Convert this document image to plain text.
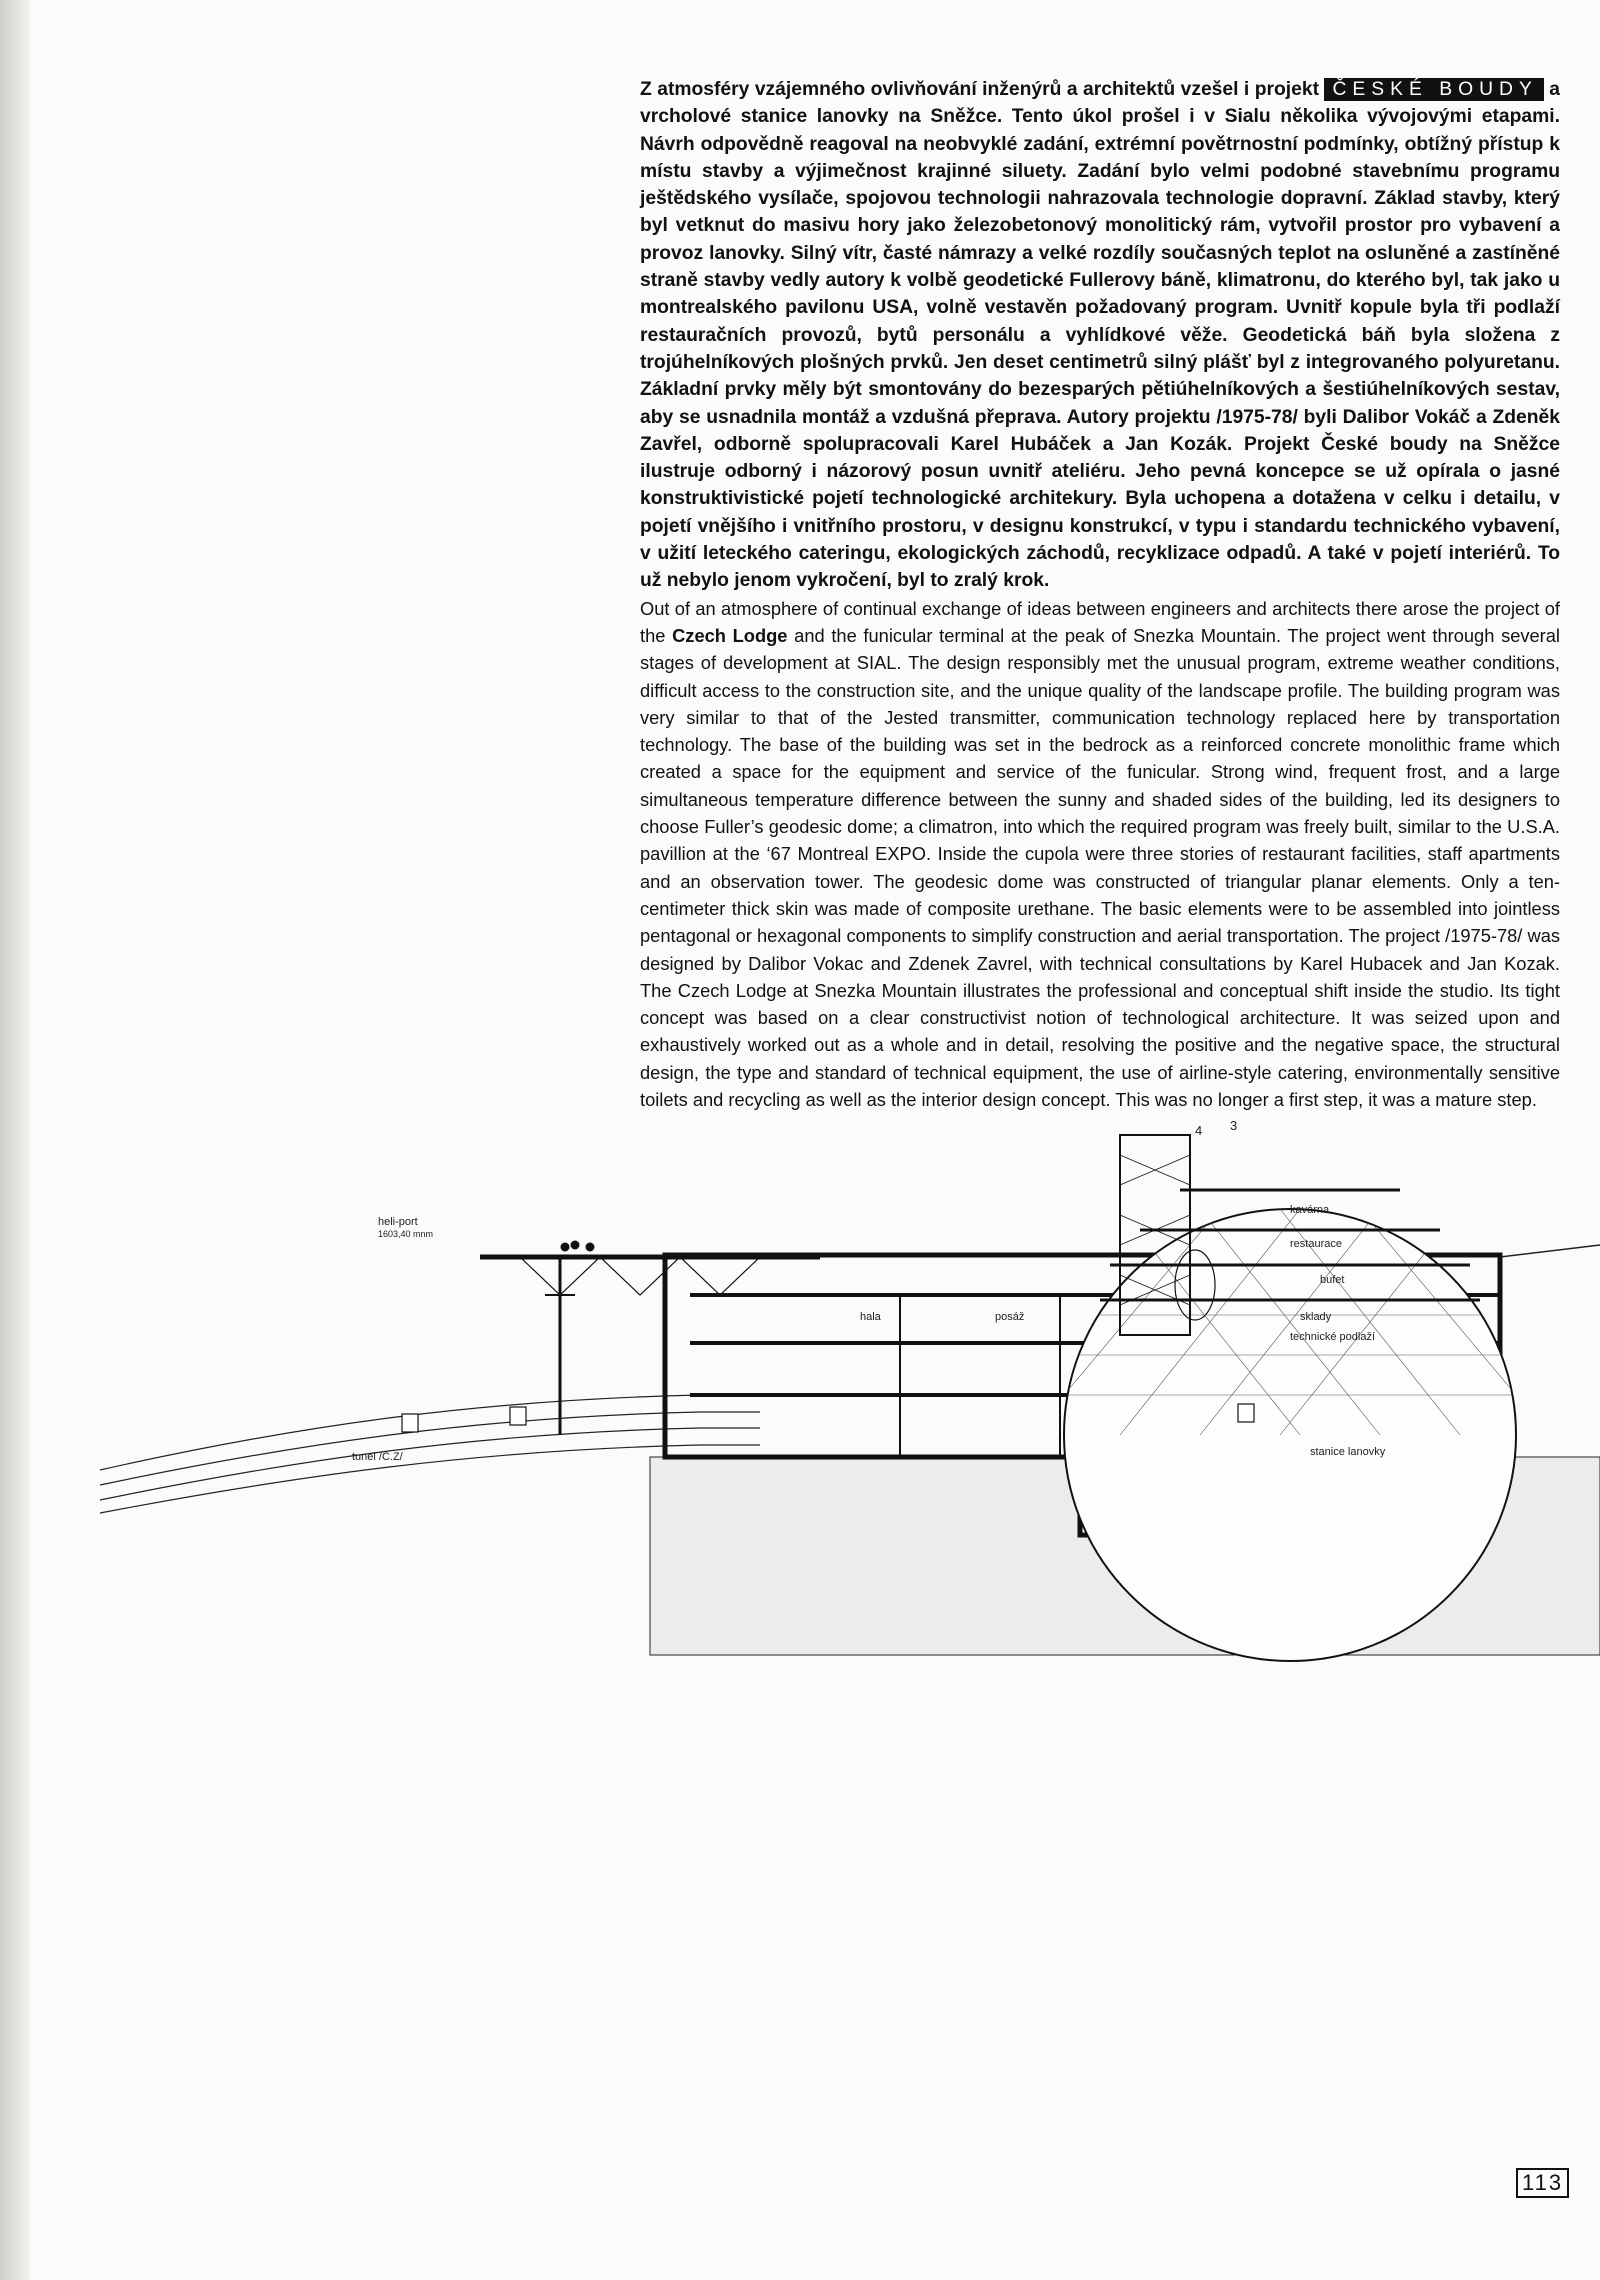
Z atmosféry vzájemného ovlivňování inženýrů a architektů vzešel i projekt ČESKÉ BOUDY a vrcholové stanice lanovky na Sněžce. Tento úkol prošel i v Sialu několika vývojovými etapami. Návrh odpovědně reagoval na neobvyklé zadání, extrémní povětrnostní podmínky, obtížný přístup k místu stavby a výjimečnost krajinné siluety. Zadání bylo velmi podobné stavebnímu programu ještědského vysílače, spojovou technologii nahrazovala technologie dopravní. Základ stavby, který byl vetknut do masivu hory jako železobetonový monolitický rám, vytvořil prostor pro vybavení a provoz lanovky. Silný vítr, časté námrazy a velké rozdíly současných teplot na osluněné a zastíněné straně stavby vedly autory k volbě geodetické Fullerovy báně, klimatronu, do kterého byl, tak jako u montrealského pavilonu USA, volně vestavěn požadovaný program. Uvnitř kopule byla tři podlaží restauračních provozů, bytů personálu a vyhlídkové věže. Geodetická báň byla složena z trojúhelníkových plošných prvků. Jen deset centimetrů silný plášť byl z integrovaného polyuretanu. Základní prvky měly být smontovány do bezesparých pětiúhelníkových a šestiúhelníkových sestav, aby se usnadnila montáž a vzdušná přeprava. Autory projektu /1975-78/ byli Dalibor Vokáč a Zdeněk Zavřel, odborně spolupracovali Karel Hubáček a Jan Kozák. Projekt České boudy na Sněžce ilustruje odborný i názorový posun uvnitř ateliéru. Jeho pevná koncepce se už opírala o jasné konstruktivistické pojetí technologické architekury. Byla uchopena a dotažena v celku i detailu, v pojetí vnějšího i vnitřního prostoru, v designu konstrukcí, v typu i standardu technického vybavení, v užití leteckého cateringu, ekologických záchodů, recyklizace odpadů. A také v pojetí interiérů. To už nebylo jenom vykročení, byl to zralý krok.

Out of an atmosphere of continual exchange of ideas between engineers and architects there arose the project of the Czech Lodge and the funicular terminal at the peak of Snezka Mountain. The project went through several stages of development at SIAL. The design responsibly met the unusual program, extreme weather conditions, difficult access to the construction site, and the unique quality of the landscape profile. The building program was very similar to that of the Jested transmitter, communication technology replaced here by transportation technology. The base of the building was set in the bedrock as a reinforced concrete monolithic frame which created a space for the equipment and service of the funicular. Strong wind, frequent frost, and a large simultaneous temperature difference between the sunny and shaded sides of the building, led its designers to choose Fuller’s geodesic dome; a climatron, into which the required program was freely built, similar to the U.S.A. pavillion at the ‘67 Montreal EXPO. Inside the cupola were three stories of restaurant facilities, staff apartments and an observation tower. The geodesic dome was constructed of triangular planar elements. Only a ten-centimeter thick skin was made of composite urethane. The basic elements were to be assembled into jointless pentagonal or hexagonal components to simplify construction and aerial transportation. The project /1975-78/ was designed by Dalibor Vokac and Zdenek Zavrel, with technical consultations by Karel Hubacek and Jan Kozak. The Czech Lodge at Snezka Mountain illustrates the professional and conceptual shift inside the studio. Its tight concept was based on a clear constructivist notion of technological architecture. It was seized upon and exhaustively worked out as a whole and in detail, resolving the positive and the negative space, the structural design, the type and standard of technical equipment, the use of airline-style catering, environmentally sensitive toilets and recycling as well as the interior design concept. This was no longer a first step, it was a mature step.

heli-port
1603,40 mnm
tunel /C.Z/
hala	posáž	sklady
technické podlaží
stanice lanovky
bufet
restaurace
kavárna
3
4
113
